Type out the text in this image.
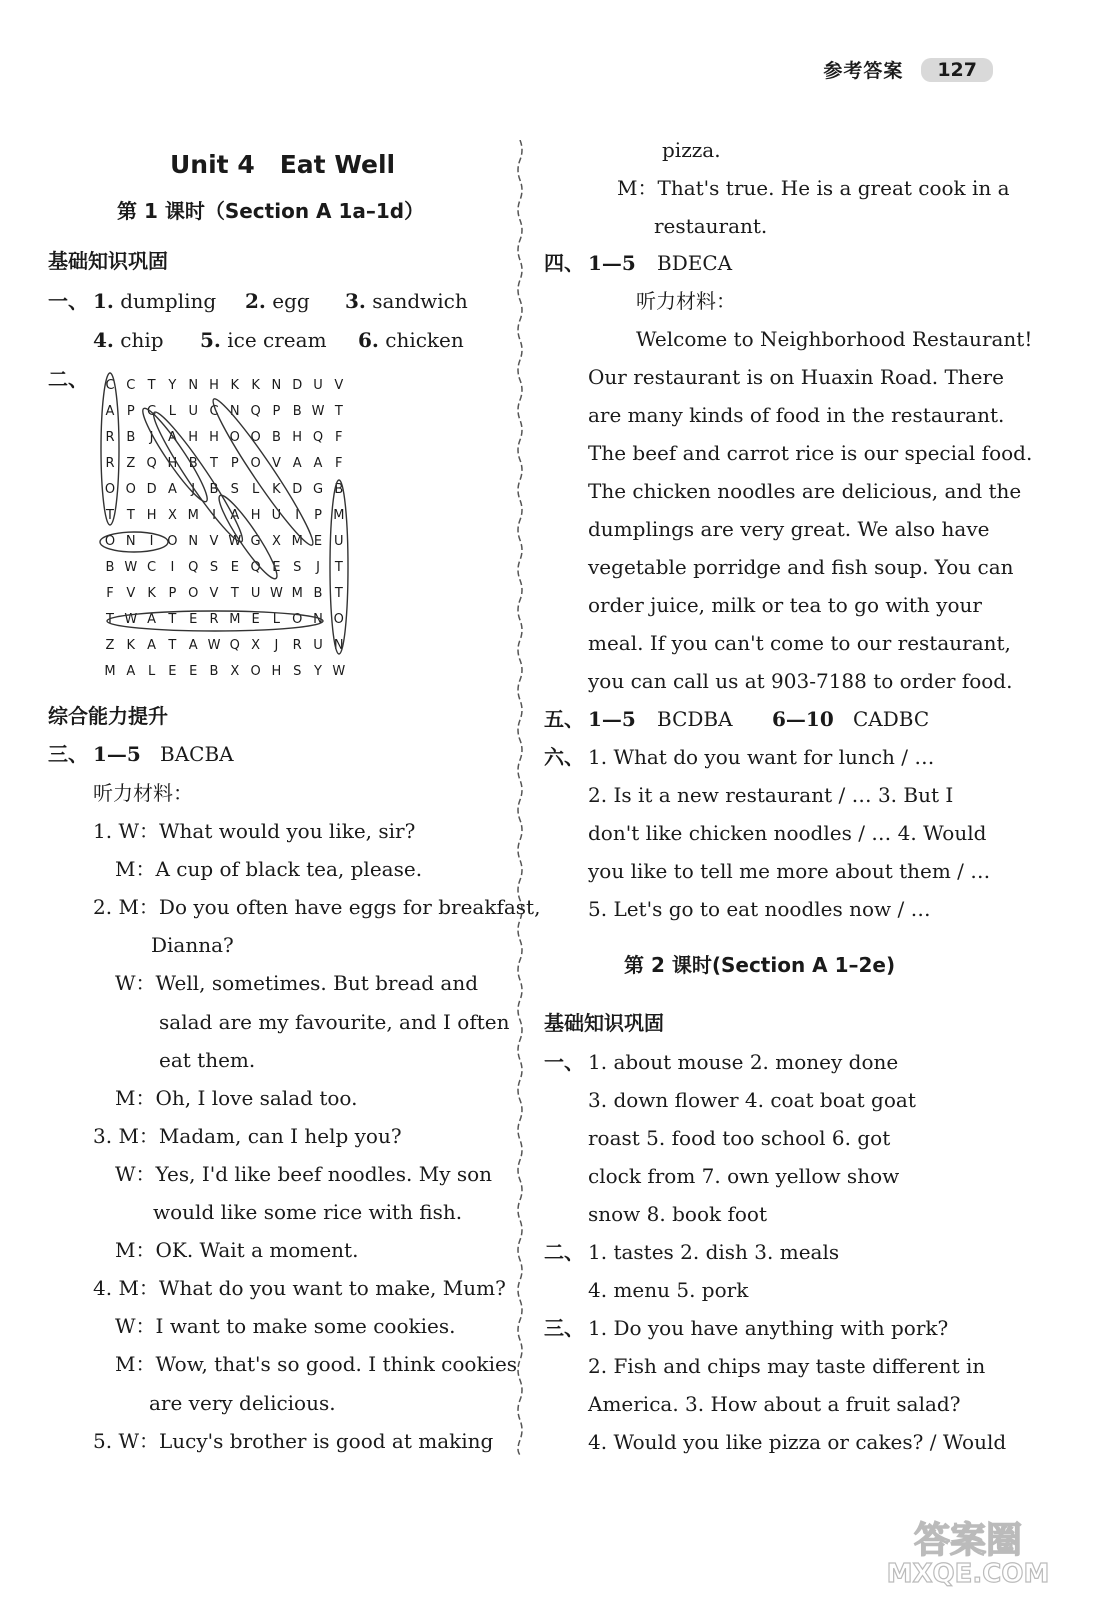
参考答案	127
Unit 4　Eat Well
第 1 课时（Section A 1a–1d）
基础知识巩固
一、 1. dumpling 2. egg 3. sandwich
4. chip 5. ice cream 6. chicken
二、 C C T Y N H K K N D U V
A P C L U C N Q P B W T
R B J A H H O O B H Q F
R Z Q H B T P O V A A F
O O D A J B S L K D G B
T T H X M I A H U I P M
O N I O N V W G X M E U
B W C I Q S E Q E S J T
F V K P O V T U W M B T
T W A T E R M E L O N O
Z K A T A W Q X J R U N
M A L E E B X O H S Y W
综合能力提升
三、 1—5 BACBA
听力材料：
1. W：What would you like, sir?
M：A cup of black tea, please.
2. M：Do you often have eggs for breakfast,
Dianna?
W：Well, sometimes. But bread and
salad are my favourite, and I often
eat them.
M：Oh, I love salad too.
3. M：Madam, can I help you?
W：Yes, I'd like beef noodles. My son
would like some rice with fish.
M：OK. Wait a moment.
4. M：What do you want to make, Mum?
W：I want to make some cookies.
M：Wow, that's so good. I think cookies
are very delicious.
5. W：Lucy's brother is good at making
pizza.
M：That's true. He is a great cook in a
restaurant.
四、 1—5 BDECA
听力材料：
Welcome to Neighborhood Restaurant!
Our restaurant is on Huaxin Road. There
are many kinds of food in the restaurant.
The beef and carrot rice is our special food.
The chicken noodles are delicious, and the
dumplings are very great. We also have
vegetable porridge and fish soup. You can
order juice, milk or tea to go with your
meal. If you can't come to our restaurant,
you can call us at 903-7188 to order food.
五、 1—5 BCDBA 6—10 CADBC
六、 1. What do you want for lunch / …
2. Is it a new restaurant / … 3. But I
don't like chicken noodles / … 4. Would
you like to tell me more about them / …
5. Let's go to eat noodles now / …
第 2 课时(Section A 1–2e)
基础知识巩固
一、 1. about mouse 2. money done
3. down flower 4. coat boat goat
roast 5. food too school 6. got
clock from 7. own yellow show
snow 8. book foot
二、 1. tastes 2. dish 3. meals
4. menu 5. pork
三、 1. Do you have anything with pork?
2. Fish and chips may taste different in
America. 3. How about a fruit salad?
4. Would you like pizza or cakes? / Would
答案圈
MXQE.COM
